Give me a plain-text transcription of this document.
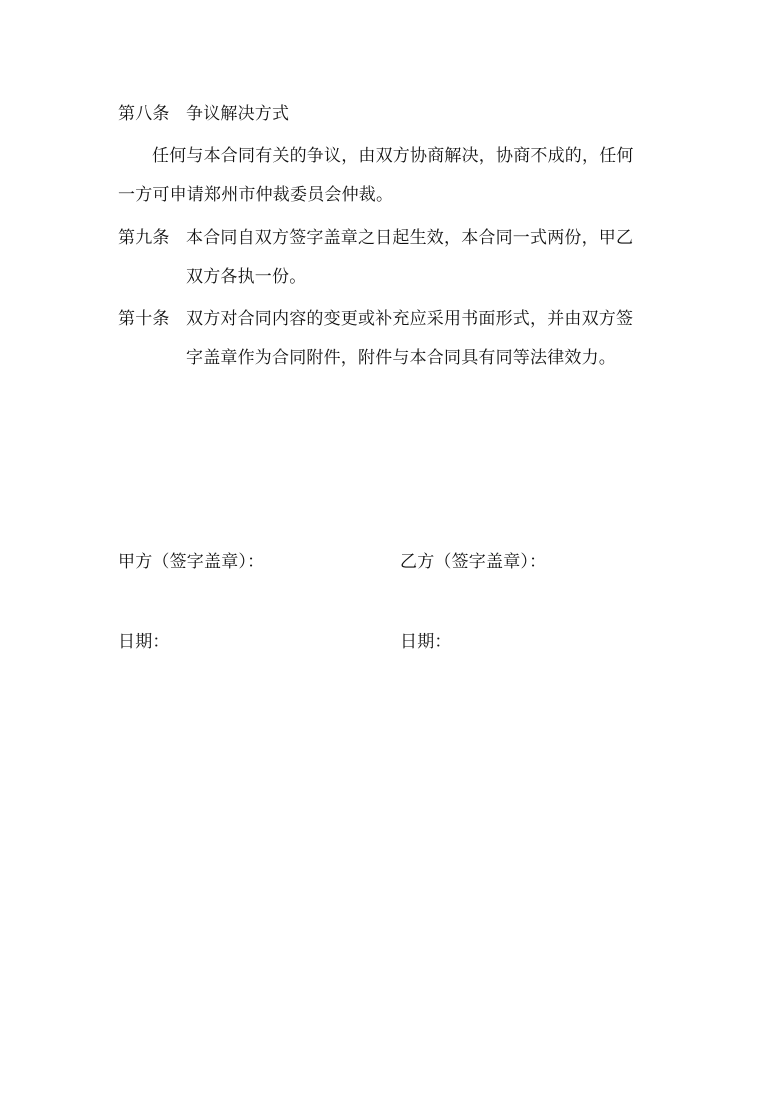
第八条 争议解决方式
任何与本合同有关的争议，由双方协商解决，协商不成的，任何
一方可申请郑州市仲裁委员会仲裁。
第九条 本合同自双方签字盖章之日起生效，本合同一式两份，甲乙
双方各执一份。
第十条 双方对合同内容的变更或补充应采用书面形式，并由双方签
字盖章作为合同附件，附件与本合同具有同等法律效力。
甲方（签字盖章）：	乙方（签字盖章）：
日期：	日期：
